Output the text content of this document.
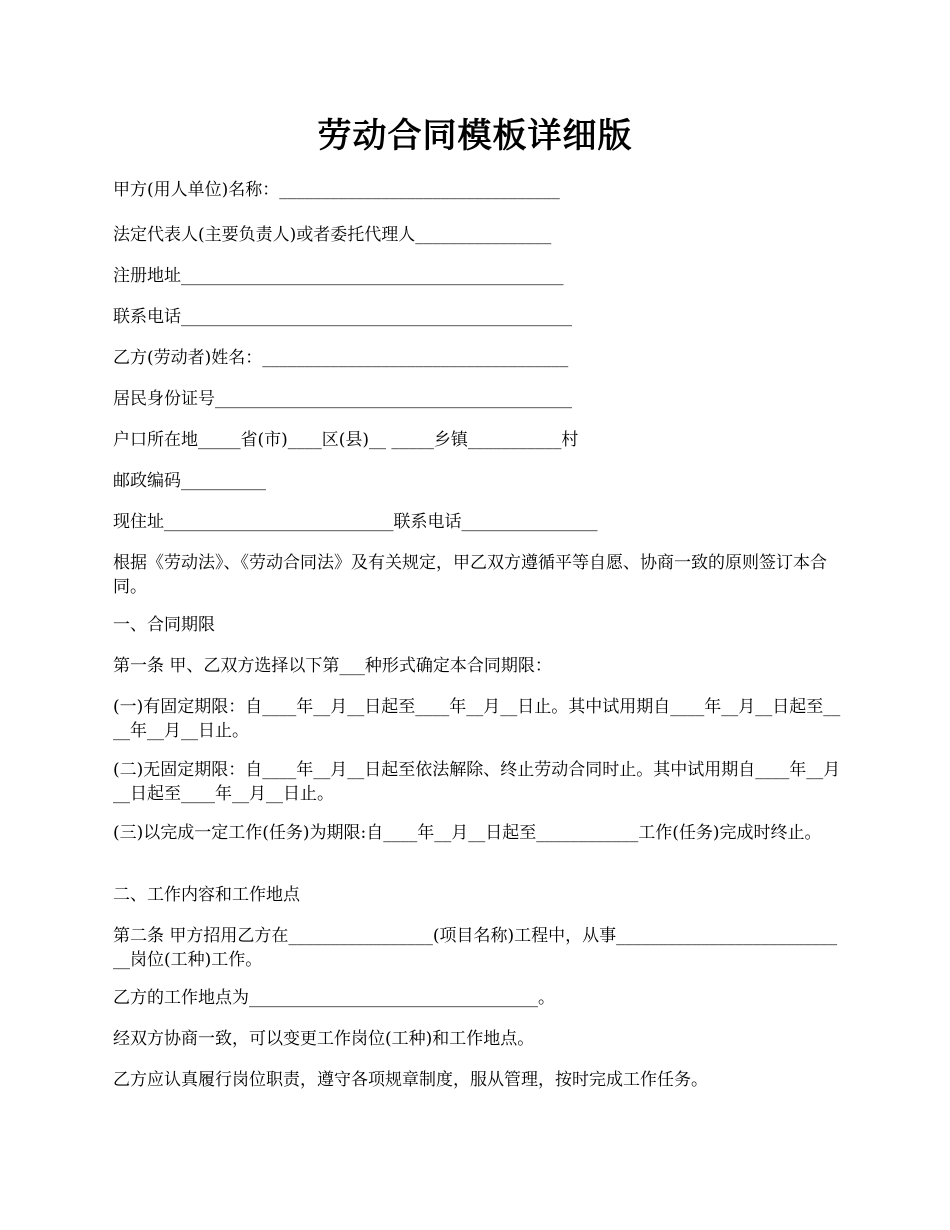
劳动合同模板详细版
甲方(用人单位)名称：_________________________________
法定代表人(主要负责人)或者委托代理人________________
注册地址_____________________________________________
联系电话______________________________________________
乙方(劳动者)姓名：____________________________________
居民身份证号__________________________________________
户口所在地_____省(市)____区(县)__ _____乡镇___________村
邮政编码__________
现住址___________________________联系电话________________
根据《劳动法》、《劳动合同法》及有关规定，甲乙双方遵循平等自愿、协商一致的原则签订本合同。
一、合同期限
第一条 甲、乙双方选择以下第___种形式确定本合同期限：
(一)有固定期限：自____年__月__日起至____年__月__日止。其中试用期自____年__月__日起至____年__月__日止。
(二)无固定期限：自____年__月__日起至依法解除、终止劳动合同时止。其中试用期自____年__月__日起至____年__月__日止。
(三)以完成一定工作(任务)为期限:自____年__月__日起至____________工作(任务)完成时终止。
二、工作内容和工作地点
第二条 甲方招用乙方在_________________(项目名称)工程中，从事____________________________岗位(工种)工作。
乙方的工作地点为__________________________________。
经双方协商一致，可以变更工作岗位(工种)和工作地点。
乙方应认真履行岗位职责，遵守各项规章制度，服从管理，按时完成工作任务。
